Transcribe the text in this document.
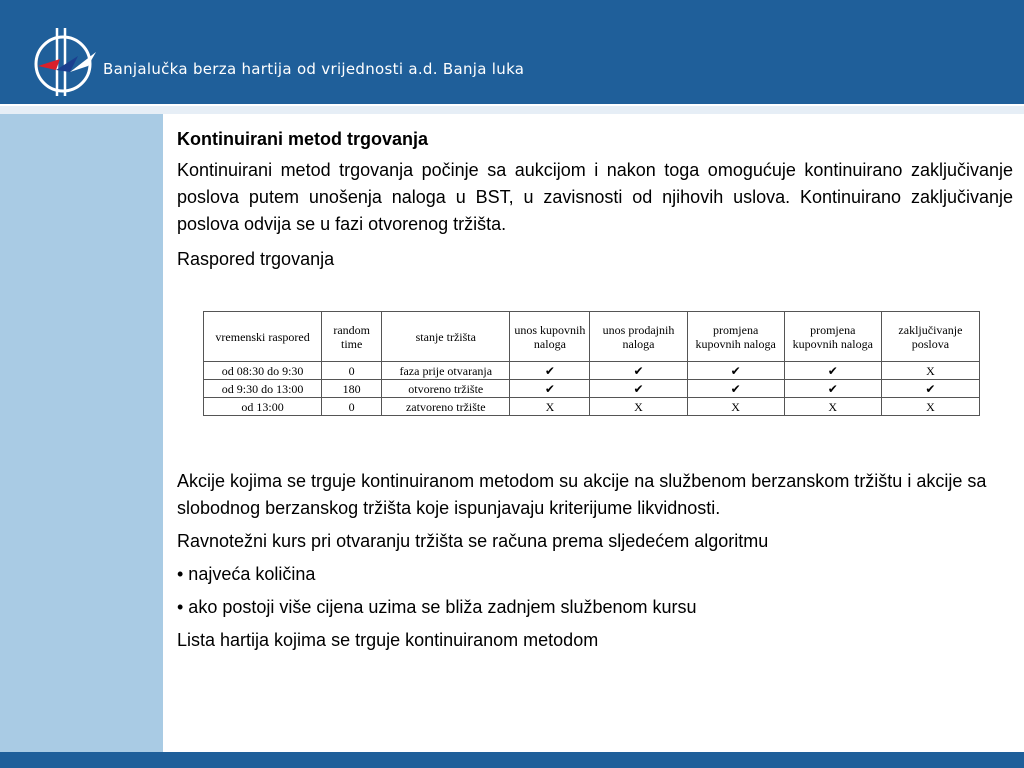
Banjalučka berza hartija od vrijednosti a.d. Banja luka

Kontinuirani metod trgovanja

Kontinuirani metod trgovanja počinje sa aukcijom i nakon toga omogućuje kontinuirano zaključivanje poslova putem unošenja naloga u BST, u zavisnosti od njihovih uslova. Kontinuirano zaključivanje poslova odvija se u fazi otvorenog tržišta.

Raspored trgovanja

vremenski raspored	random time	stanje tržišta	unos kupovnih naloga	unos prodajnih naloga	promjena kupovnih naloga	promjena kupovnih naloga	zaključivanje poslova
od 08:30 do 9:30	0	faza prije otvaranja	✔	✔	✔	✔	X
od 9:30 do 13:00	180	otvoreno tržište	✔	✔	✔	✔	✔
od 13:00	0	zatvoreno tržište	X	X	X	X	X

Akcije kojima se trguje kontinuiranom metodom su akcije na službenom berzanskom tržištu i akcije sa slobodnog berzanskog tržišta koje ispunjavaju kriterijume likvidnosti.

Ravnotežni kurs pri otvaranju tržišta se računa prema sljedećem algoritmu

• najveća količina

• ako postoji više cijena uzima se bliža zadnjem službenom kursu

Lista hartija kojima se trguje kontinuiranom metodom
